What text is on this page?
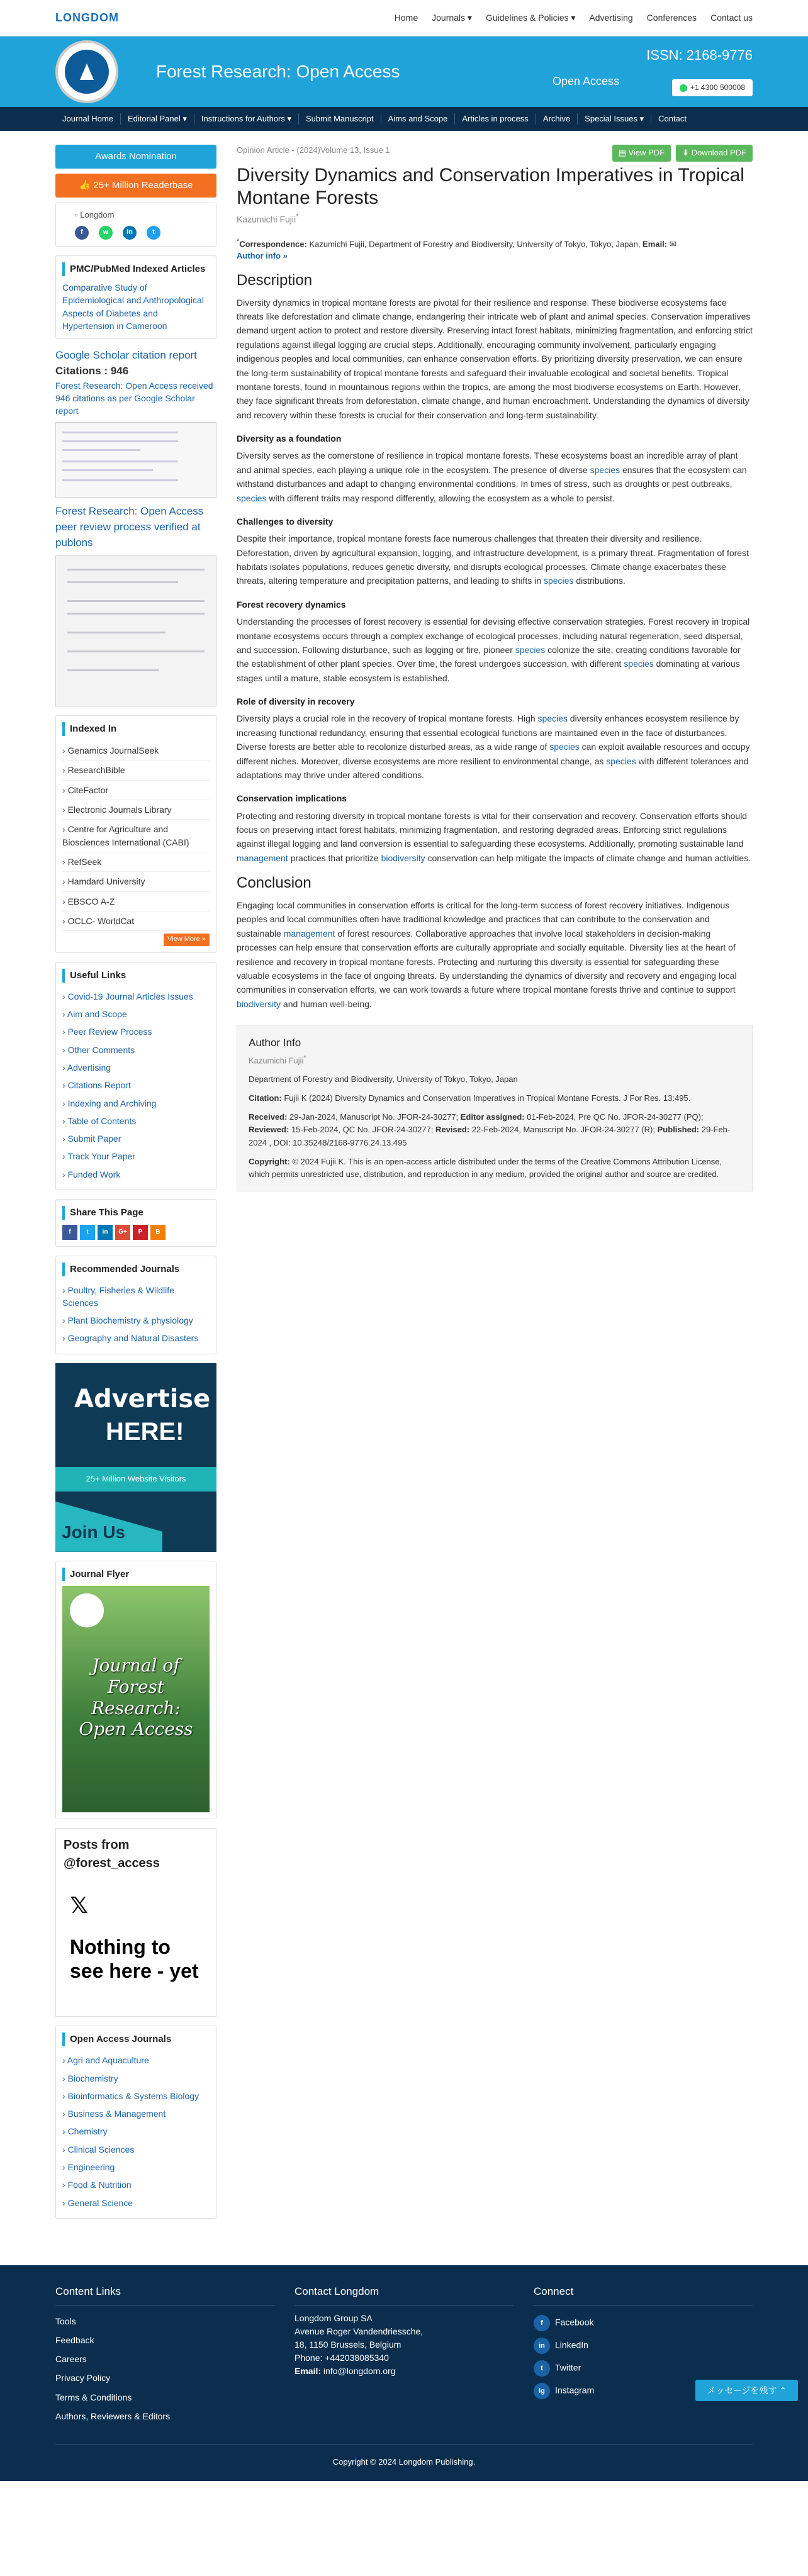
LONGDOM	Home Journals ▾ Guidelines & Policies ▾ Advertising Conferences Contact us
Forest Research: Open Access
Open Access
ISSN: 2168-9776
+1 4300 500008
Journal Home	Editorial Panel ▾	Instructions for Authors ▾	Submit Manuscript	Aims and Scope	Articles in process	Archive	Special Issues ▾	Contact
Awards Nomination
👍 25+ Million Readerbase
▫ Longdom
f	w	in	t
PMC/PubMed Indexed Articles
Comparative Study of Epidemiological and Anthropological Aspects of Diabetes and Hypertension in Cameroon
Google Scholar citation report
Citations : 946
Forest Research: Open Access received 946 citations as per Google Scholar report
Forest Research: Open Access peer review process verified at publons
Indexed In
› Genamics JournalSeek
› ResearchBible
› CiteFactor
› Electronic Journals Library
› Centre for Agriculture and Biosciences International (CABI)
› RefSeek
› Hamdard University
› EBSCO A-Z
› OCLC- WorldCat
View More »
Useful Links
› Covid-19 Journal Articles Issues
› Aim and Scope
› Peer Review Process
› Other Comments
› Advertising
› Citations Report
› Indexing and Archiving
› Table of Contents
› Submit Paper
› Track Your Paper
› Funded Work
Share This Page
f	t	in	G+	P	B
Recommended Journals
› Poultry, Fisheries & Wildlife Sciences
› Plant Biochemistry & physiology
› Geography and Natural Disasters
Advertise
HERE!
25+ Million Website Visitors
Join Us
Journal Flyer
Journal of Forest Research: Open Access
Posts from @forest_access
𝕏
Nothing to see here - yet
Open Access Journals
› Agri and Aquaculture
› Biochemistry
› Bioinformatics & Systems Biology
› Business & Management
› Chemistry
› Clinical Sciences
› Engineering
› Food & Nutrition
› General Science
▤ View PDF	⬇ Download PDF
Opinion Article - (2024)Volume 13, Issue 1
Diversity Dynamics and Conservation Imperatives in Tropical Montane Forests
Kazumichi Fujii*
*Correspondence: Kazumichi Fujii, Department of Forestry and Biodiversity, University of Tokyo, Tokyo, Japan, Email: ✉
Author info »
Description

Diversity dynamics in tropical montane forests are pivotal for their resilience and response. These biodiverse ecosystems face threats like deforestation and climate change, endangering their intricate web of plant and animal species. Conservation imperatives demand urgent action to protect and restore diversity. Preserving intact forest habitats, minimizing fragmentation, and enforcing strict regulations against illegal logging are crucial steps. Additionally, encouraging community involvement, particularly engaging indigenous peoples and local communities, can enhance conservation efforts. By prioritizing diversity preservation, we can ensure the long-term sustainability of tropical montane forests and safeguard their invaluable ecological and societal benefits. Tropical montane forests, found in mountainous regions within the tropics, are among the most biodiverse ecosystems on Earth. However, they face significant threats from deforestation, climate change, and human encroachment. Understanding the dynamics of diversity and recovery within these forests is crucial for their conservation and long-term sustainability.

Diversity as a foundation

Diversity serves as the cornerstone of resilience in tropical montane forests. These ecosystems boast an incredible array of plant and animal species, each playing a unique role in the ecosystem. The presence of diverse species ensures that the ecosystem can withstand disturbances and adapt to changing environmental conditions. In times of stress, such as droughts or pest outbreaks, species with different traits may respond differently, allowing the ecosystem as a whole to persist.

Challenges to diversity

Despite their importance, tropical montane forests face numerous challenges that threaten their diversity and resilience. Deforestation, driven by agricultural expansion, logging, and infrastructure development, is a primary threat. Fragmentation of forest habitats isolates populations, reduces genetic diversity, and disrupts ecological processes. Climate change exacerbates these threats, altering temperature and precipitation patterns, and leading to shifts in species distributions.

Forest recovery dynamics

Understanding the processes of forest recovery is essential for devising effective conservation strategies. Forest recovery in tropical montane ecosystems occurs through a complex exchange of ecological processes, including natural regeneration, seed dispersal, and succession. Following disturbance, such as logging or fire, pioneer species colonize the site, creating conditions favorable for the establishment of other plant species. Over time, the forest undergoes succession, with different species dominating at various stages until a mature, stable ecosystem is established.

Role of diversity in recovery

Diversity plays a crucial role in the recovery of tropical montane forests. High species diversity enhances ecosystem resilience by increasing functional redundancy, ensuring that essential ecological functions are maintained even in the face of disturbances. Diverse forests are better able to recolonize disturbed areas, as a wide range of species can exploit available resources and occupy different niches. Moreover, diverse ecosystems are more resilient to environmental change, as species with different tolerances and adaptations may thrive under altered conditions.

Conservation implications

Protecting and restoring diversity in tropical montane forests is vital for their conservation and recovery. Conservation efforts should focus on preserving intact forest habitats, minimizing fragmentation, and restoring degraded areas. Enforcing strict regulations against illegal logging and land conversion is essential to safeguarding these ecosystems. Additionally, promoting sustainable land management practices that prioritize biodiversity conservation can help mitigate the impacts of climate change and human activities.

Conclusion

Engaging local communities in conservation efforts is critical for the long-term success of forest recovery initiatives. Indigenous peoples and local communities often have traditional knowledge and practices that can contribute to the conservation and sustainable management of forest resources. Collaborative approaches that involve local stakeholders in decision-making processes can help ensure that conservation efforts are culturally appropriate and socially equitable. Diversity lies at the heart of resilience and recovery in tropical montane forests. Protecting and nurturing this diversity is essential for safeguarding these valuable ecosystems in the face of ongoing threats. By understanding the dynamics of diversity and recovery and engaging local communities in conservation efforts, we can work towards a future where tropical montane forests thrive and continue to support biodiversity and human well-being.

Author Info
Kazumichi Fujii*

Department of Forestry and Biodiversity, University of Tokyo, Tokyo, Japan

Citation: Fujii K (2024) Diversity Dynamics and Conservation Imperatives in Tropical Montane Forests. J For Res. 13:495.

Received: 29-Jan-2024, Manuscript No. JFOR-24-30277; Editor assigned: 01-Feb-2024, Pre QC No. JFOR-24-30277 (PQ); Reviewed: 15-Feb-2024, QC No. JFOR-24-30277; Revised: 22-Feb-2024, Manuscript No. JFOR-24-30277 (R); Published: 29-Feb-2024 , DOI: 10.35248/2168-9776.24.13.495

Copyright: © 2024 Fujii K. This is an open-access article distributed under the terms of the Creative Commons Attribution License, which permits unrestricted use, distribution, and reproduction in any medium, provided the original author and source are credited.

Content Links
Tools
Feedback
Careers
Privacy Policy
Terms & Conditions
Authors, Reviewers & Editors
Contact Longdom
Longdom Group SA
Avenue Roger Vandendriessche,
18, 1150 Brussels, Belgium
Phone: +44203808534​0
Email: info@longdom.org
Connect
f Facebook
in LinkedIn
t Twitter
ig Instagram
Copyright © 2024 Longdom Publishing.
メッセージを残す ⌃
